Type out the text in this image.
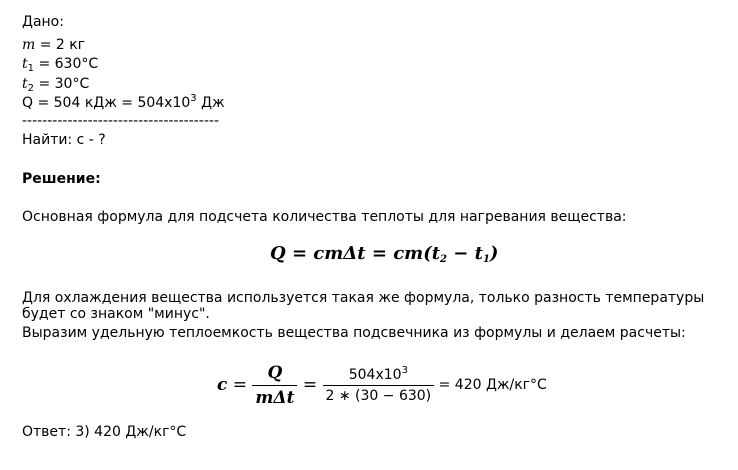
Дано:
m = 2 кг
$t_1 = 630^\circ С$
$t_2 = 30^\circ С$
Q = 504 кДж = $504х10^3$ Дж
---------------------------------------
Найти: с - ?
Решение:
Основная формула для подсчета количества теплоты для нагревания вещества:
$Q = cm\Delta t = cm(t_2 - t_1)$
Для охлаждения вещества используется такая же формула, только разность температуры
будет со знаком "минус".
Выразим удельную теплоемкость вещества подсвечника из формулы и делаем расчеты:
$c = \frac{Q}{\text{mΔt}} = \frac{504х10^3}{2 ∗ (30 - 630)} = 420$ Дж/кг°С
Ответ: 3) 420 Дж/кг°С
